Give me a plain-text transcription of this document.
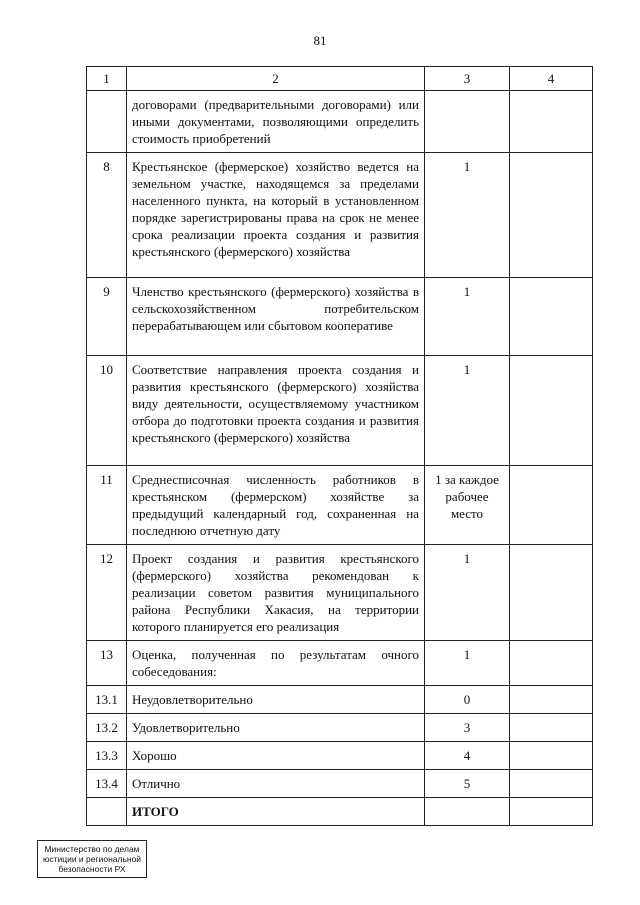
81
1	2	3	4
	договорами (предварительными договорами) или иными документами, позволяющими определить стоимость приобретений		
8	Крестьянское (фермерское) хозяйство ведется на земельном участке, находящемся за пределами населенного пункта, на который в установленном порядке зарегистрированы права на срок не менее срока реализации проекта создания и развития крестьянского (фермерского) хозяйства	1	
9	Членство крестьянского (фермерского) хозяйства в сельскохозяйственном потребительском перерабатывающем или сбытовом кооперативе	1	
10	Соответствие направления проекта создания и развития крестьянского (фермерского) хозяйства виду деятельности, осуществляемому участником отбора до подготовки проекта создания и развития крестьянского (фермерского) хозяйства	1	
11	Среднесписочная численность работников в крестьянском (фермерском) хозяйстве за предыдущий календарный год, сохраненная на последнюю отчетную дату	1 за каждое рабочее место	
12	Проект создания и развития крестьянского (фермерского) хозяйства рекомендован к реализации советом развития муниципального района Республики Хакасия, на территории которого планируется его реализация	1	
13	Оценка, полученная по результатам очного собеседования:	1	
13.1	Неудовлетворительно	0	
13.2	Удовлетворительно	3	
13.3	Хорошо	4	
13.4	Отлично	5	
	ИТОГО		
Министерство по делам
юстиции и региональной
безопасности РХ
